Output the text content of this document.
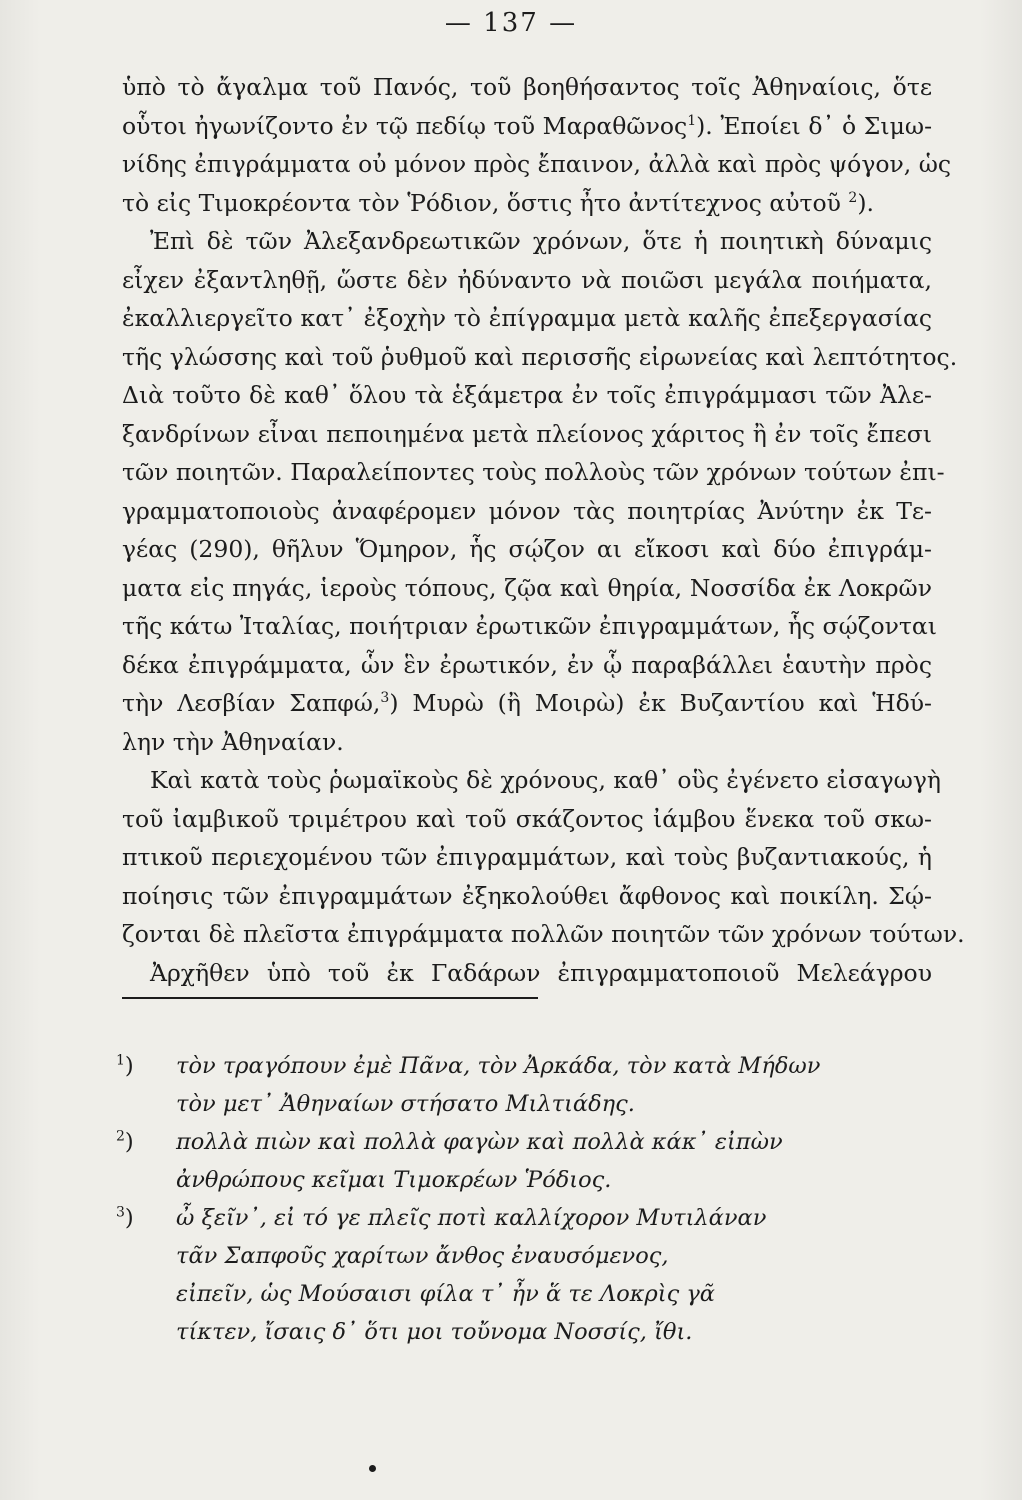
— 137 —
ὑπὸ τὸ ἄγαλμα τοῦ Πανός, τοῦ βοηθήσαντος τοῖς Ἀθηναίοις, ὅτε
οὗτοι ἠγωνίζοντο ἐν τῷ πεδίῳ τοῦ Μαραθῶνος$^1$). Ἐποίει δ᾽ ὁ Σιμω-
νίδης ἐπιγράμματα οὐ μόνον πρὸς ἔπαινον, ἀλλὰ καὶ πρὸς ψόγον, ὡς
τὸ εἰς Τιμοκρέοντα τὸν Ῥόδιον, ὅστις ἦτο ἀντίτεχνος αὐτοῦ $^2$).
Ἐπὶ δὲ τῶν Ἀλεξανδρεωτικῶν χρόνων, ὅτε ἡ ποιητικὴ δύναμις
εἶχεν ἐξαντληθῇ, ὥστε δὲν ἠδύναντο νὰ ποιῶσι μεγάλα ποιήματα,
ἐκαλλιεργεῖτο κατ᾽ ἐξοχὴν τὸ ἐπίγραμμα μετὰ καλῆς ἐπεξεργασίας
τῆς γλώσσης καὶ τοῦ ῥυθμοῦ καὶ περισσῆς εἰρωνείας καὶ λεπτότητος.
Διὰ τοῦτο δὲ καθ᾽ ὅλου τὰ ἑξάμετρα ἐν τοῖς ἐπιγράμμασι τῶν Ἀλε-
ξανδρίνων εἶναι πεποιημένα μετὰ πλείονος χάριτος ἢ ἐν τοῖς ἔπεσι
τῶν ποιητῶν. Παραλείποντες τοὺς πολλοὺς τῶν χρόνων τούτων ἐπι-
γραμματοποιοὺς ἀναφέρομεν μόνον τὰς ποιητρίας Ἀνύτην ἐκ Τε-
γέας (290), θῆλυν Ὅμηρον, ἧς σῴζον αι εἴκοσι καὶ δύο ἐπιγράμ-
ματα εἰς πηγάς, ἱεροὺς τόπους, ζῷα καὶ θηρία, Νοσσίδα ἐκ Λοκρῶν
τῆς κάτω Ἰταλίας, ποιήτριαν ἐρωτικῶν ἐπιγραμμάτων, ἧς σῴζονται
δέκα ἐπιγράμματα, ὧν ἓν ἐρωτικόν, ἐν ᾧ παραβάλλει ἑαυτὴν πρὸς
τὴν Λεσβίαν Σαπφώ,$^3$) Μυρὼ (ἢ Μοιρὼ) ἐκ Βυζαντίου καὶ Ἡδύ-
λην τὴν Ἀθηναίαν.
Καὶ κατὰ τοὺς ῥωμαϊκοὺς δὲ χρόνους, καθ᾽ οὓς ἐγένετο εἰσαγωγὴ
τοῦ ἰαμβικοῦ τριμέτρου καὶ τοῦ σκάζοντος ἰάμβου ἕνεκα τοῦ σκω-
πτικοῦ περιεχομένου τῶν ἐπιγραμμάτων, καὶ τοὺς βυζαντιακούς, ἡ
ποίησις τῶν ἐπιγραμμάτων ἐξηκολούθει ἄφθονος καὶ ποικίλη. Σῴ-
ζονται δὲ πλεῖστα ἐπιγράμματα πολλῶν ποιητῶν τῶν χρόνων τούτων.
Ἀρχῆθεν ὑπὸ τοῦ ἐκ Γαδάρων ἐπιγραμματοποιοῦ Μελεάγρου
$^1$) τὸν τραγόπουν ἐμὲ Πᾶνα, τὸν Ἀρκάδα, τὸν κατὰ Μήδων
τὸν μετ᾽ Ἀθηναίων στήσατο Μιλτιάδης.
$^2$) πολλὰ πιὼν καὶ πολλὰ φαγὼν καὶ πολλὰ κάκ᾽ εἰπὼν
ἀνθρώπους κεῖμαι Τιμοκρέων Ῥόδιος.
$^3$) ὦ ξεῖν᾽, εἰ τό γε πλεῖς ποτὶ καλλίχορον Μυτιλάναν
τᾶν Σαπφοῦς χαρίτων ἄνθος ἐναυσόμενος,
εἰπεῖν, ὡς Μούσαισι φίλα τ᾽ ἦν ἅ τε Λοκρὶς γᾶ
τίκτεν, ἴσαις δ᾽ ὅτι μοι τοὔνομα Νοσσίς, ἴθι.
